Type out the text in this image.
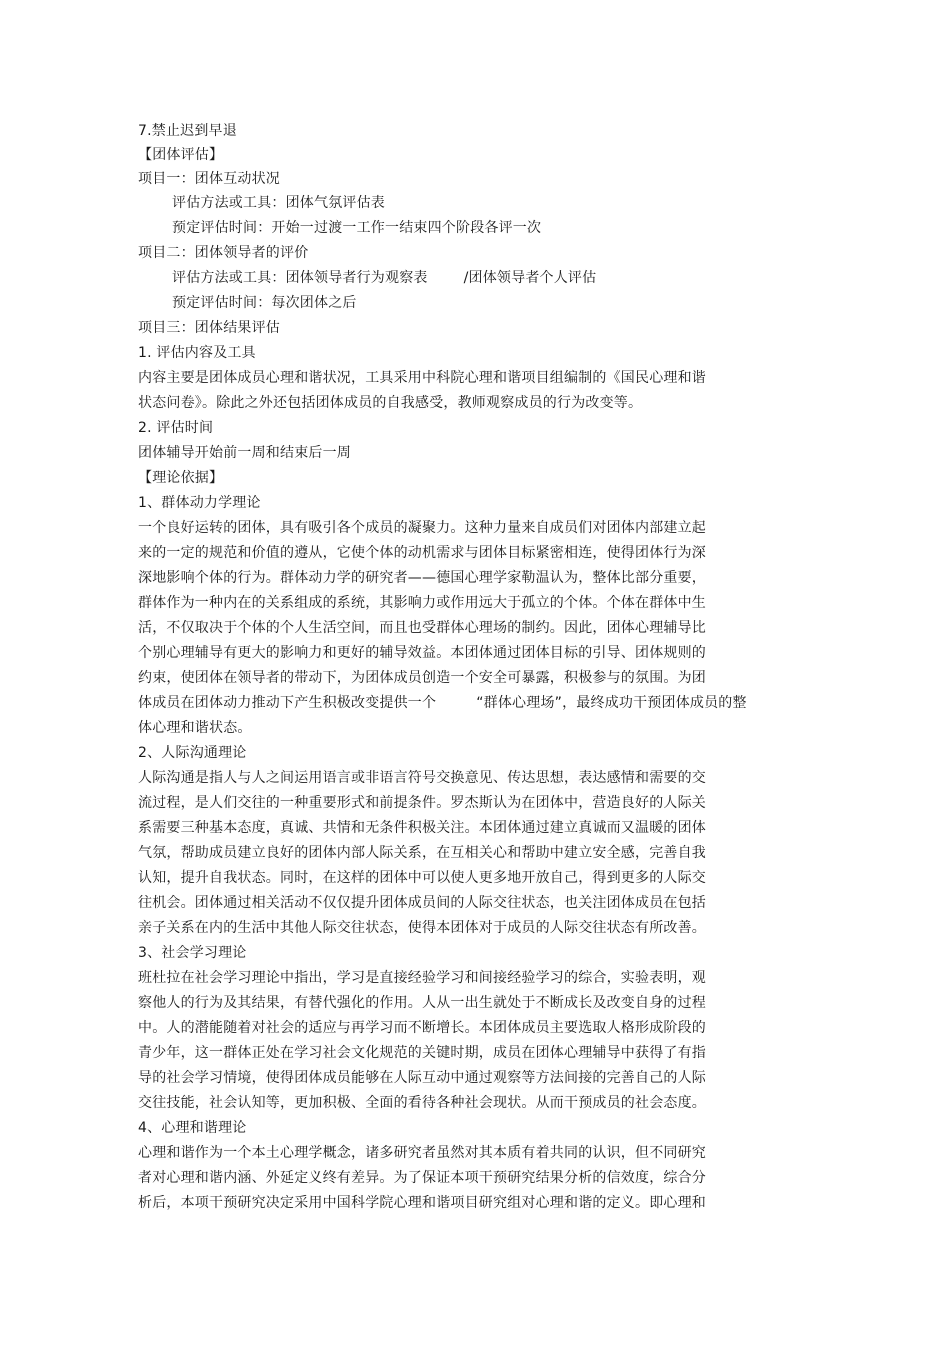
7.禁止迟到早退
【团体评估】
项目一：团体互动状况
评估方法或工具：团体气氛评估表
预定评估时间：开始一过渡一工作一结束四个阶段各评一次
项目二：团体领导者的评价
评估方法或工具：团体领导者行为观察表	/团体领导者个人评估
预定评估时间：每次团体之后
项目三：团体结果评估
1. 评估内容及工具
内容主要是团体成员心理和谐状况，工具采用中科院心理和谐项目组编制的《国民心理和谐
状态问卷》。除此之外还包括团体成员的自我感受，教师观察成员的行为改变等。
2. 评估时间
团体辅导开始前一周和结束后一周
【理论依据】
1、群体动力学理论
一个良好运转的团体，具有吸引各个成员的凝聚力。这种力量来自成员们对团体内部建立起
来的一定的规范和价值的遵从，它使个体的动机需求与团体目标紧密相连，使得团体行为深
深地影响个体的行为。群体动力学的研究者——德国心理学家勒温认为，整体比部分重要，
群体作为一种内在的关系组成的系统，其影响力或作用远大于孤立的个体。个体在群体中生
活，不仅取决于个体的个人生活空间，而且也受群体心理场的制约。因此，团体心理辅导比
个别心理辅导有更大的影响力和更好的辅导效益。本团体通过团体目标的引导、团体规则的
约束，使团体在领导者的带动下，为团体成员创造一个安全可暴露，积极参与的氛围。为团
体成员在团体动力推动下产生积极改变提供一个	“群体心理场”，最终成功干预团体成员的整
体心理和谐状态。
2、人际沟通理论
人际沟通是指人与人之间运用语言或非语言符号交换意见、传达思想，表达感情和需要的交
流过程，是人们交往的一种重要形式和前提条件。罗杰斯认为在团体中，营造良好的人际关
系需要三种基本态度，真诚、共情和无条件积极关注。本团体通过建立真诚而又温暖的团体
气氛，帮助成员建立良好的团体内部人际关系，在互相关心和帮助中建立安全感，完善自我
认知，提升自我状态。同时，在这样的团体中可以使人更多地开放自己，得到更多的人际交
往机会。团体通过相关活动不仅仅提升团体成员间的人际交往状态，也关注团体成员在包括
亲子关系在内的生活中其他人际交往状态，使得本团体对于成员的人际交往状态有所改善。
3、社会学习理论
班杜拉在社会学习理论中指出，学习是直接经验学习和间接经验学习的综合，实验表明，观
察他人的行为及其结果，有替代强化的作用。人从一出生就处于不断成长及改变自身的过程
中。人的潜能随着对社会的适应与再学习而不断增长。本团体成员主要选取人格形成阶段的
青少年，这一群体正处在学习社会文化规范的关键时期，成员在团体心理辅导中获得了有指
导的社会学习情境，使得团体成员能够在人际互动中通过观察等方法间接的完善自己的人际
交往技能，社会认知等，更加积极、全面的看待各种社会现状。从而干预成员的社会态度。
4、心理和谐理论
心理和谐作为一个本土心理学概念，诸多研究者虽然对其本质有着共同的认识，但不同研究
者对心理和谐内涵、外延定义终有差异。为了保证本项干预研究结果分析的信效度，综合分
析后，本项干预研究决定采用中国科学院心理和谐项目研究组对心理和谐的定义。即心理和
